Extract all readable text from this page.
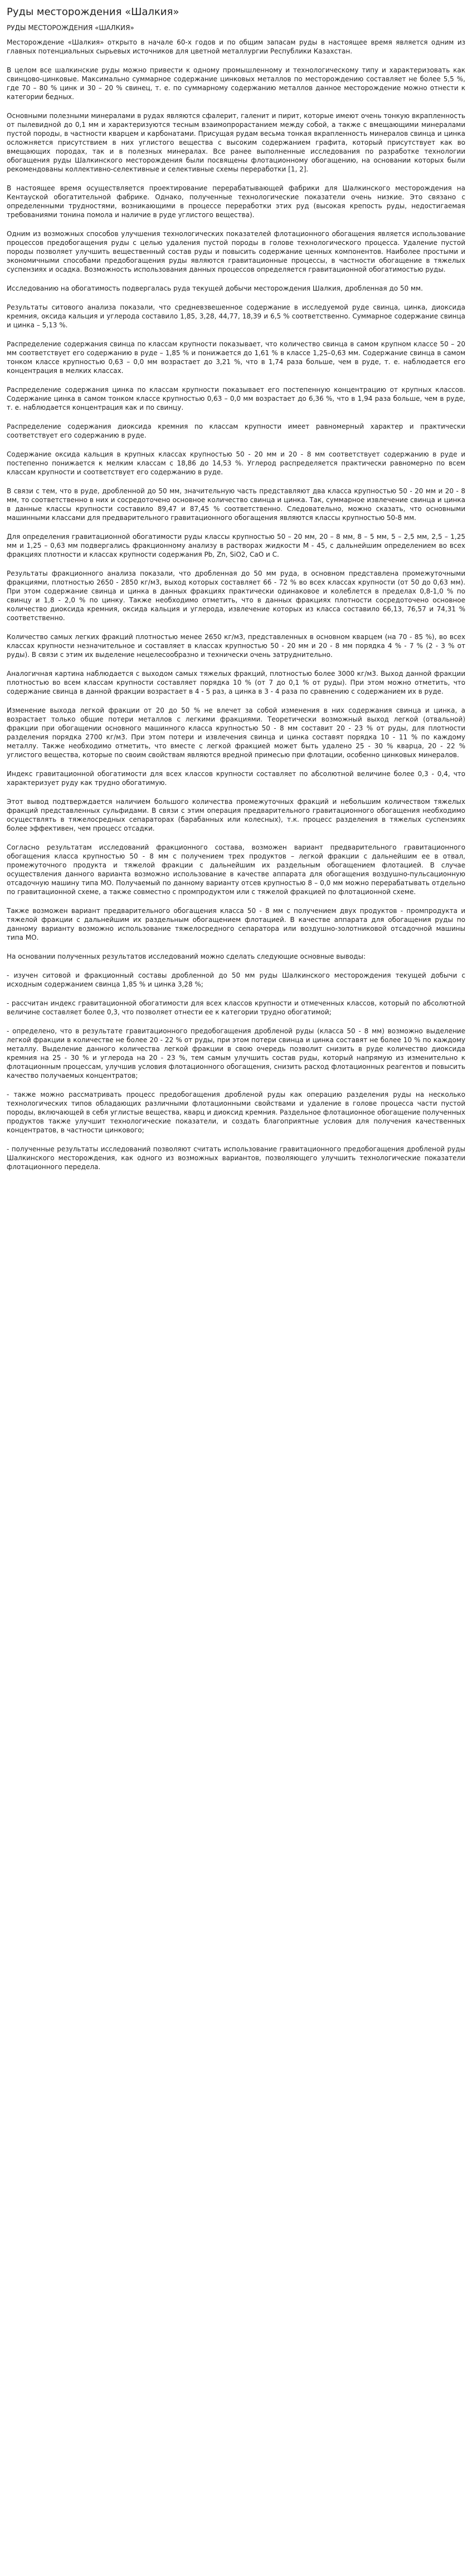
Руды месторождения «Шалкия»
РУДЫ МЕСТОРОЖДЕНИЯ «ШАЛКИЯ»

Месторождение «Шалкия» открыто в начале 60-х годов и по общим запасам руды в настоящее время является одним из главных потенциальных сырьевых источников для цветной металлургии Республики Казахстан.

В целом все шалкинские руды можно привести к одному промышленному и технологическому типу и характеризовать как свинцово-цинковые. Максимально суммарное содержание цинковых металлов по месторождению составляет не более 5,5 %, где 70 – 80 % цинк и 30 – 20 % свинец, т. е. по суммарному содержанию металлов данное месторождение можно отнести к категории бедных.

Основными полезными минералами в рудах являются сфалерит, галенит и пирит, которые имеют очень тонкую вкрапленность от пылевидной до 0,1 мм и характеризуются тесным взаимопрорастанием между собой, а также с вмещающими минералами пустой породы, в частности кварцем и карбонатами. Присущая рудам весьма тонкая вкрапленность минералов свинца и цинка осложняется присутствием в них углистого вещества с высоким содержанием графита, который присутствует как во вмещающих породах, так и в полезных минералах. Все ранее выполненные исследования по разработке технологии обогащения руды Шалкинского месторождения были посвящены флотационному обогащению, на основании которых были рекомендованы коллективно-селективные и селективные схемы переработки [1, 2].

В настоящее время осуществляется проектирование перерабатывающей фабрики для Шалкинского месторождения на Кентауской обогатительной фабрике. Однако, полученные технологические показатели очень низкие. Это связано с определенными трудностями, возникающими в процессе переработки этих руд (высокая крепость руды, недостигаемая требованиями тонина помола и наличие в руде углистого вещества).

Одним из возможных способов улучшения технологических показателей флотационного обогащения является использование процессов предобогащения руды с целью удаления пустой породы в голове технологического процесса. Удаление пустой породы позволяет улучшить вещественный состав руды и повысить содержание ценных компонентов. Наиболее простыми и экономичными способами предобогащения руды являются гравитационные процессы, в частности обогащение в тяжелых суспензиях и осадка. Возможность использования данных процессов определяется гравитационной обогатимостью руды.

Исследованию на обогатимость подвергалась руда текущей добычи месторождения Шалкия, дробленная до 50 мм.

Результаты ситового анализа показали, что средневзвешенное содержание в исследуемой руде свинца, цинка, диоксида кремния, оксида кальция и углерода составило 1,85, 3,28, 44,77, 18,39 и 6,5 % соответственно. Суммарное содержание свинца и цинка – 5,13 %.

Распределение содержания свинца по классам крупности показывает, что количество свинца в самом крупном классе 50 – 20 мм соответствует его содержанию в руде – 1,85 % и понижается до 1,61 % в классе 1,25–0,63 мм. Содержание свинца в самом тонком классе крупностью 0,63 – 0,0 мм возрастает до 3,21 %, что в 1,74 раза больше, чем в руде, т. е. наблюдается его концентрация в мелких классах.

Распределение содержания цинка по классам крупности показывает его постепенную концентрацию от крупных классов. Содержание цинка в самом тонком классе крупностью 0,63 – 0,0 мм возрастает до 6,36 %, что в 1,94 раза больше, чем в руде, т. е. наблюдается концентрация как и по свинцу.

Распределение содержания диоксида кремния по классам крупности имеет равномерный характер и практически соответствует его содержанию в руде.

Содержание оксида кальция в крупных классах крупностью 50 - 20 мм и 20 - 8 мм соответствует содержанию в руде и постепенно понижается к мелким классам с 18,86 до 14,53 %. Углерод распределяется практически равномерно по всем классам крупности и соответствует его содержанию в руде.

В связи с тем, что в руде, дробленной до 50 мм, значительную часть представляют два класса крупностью 50 - 20 мм и 20 - 8 мм, то соответственно в них и сосредоточено основное количество свинца и цинка. Так, суммарное извлечение свинца и цинка в данные классы крупности составило 89,47 и 87,45 % соответственно. Следовательно, можно сказать, что основными машинными классами для предварительного гравитационного обогащения являются классы крупностью 50-8 мм.

Для определения гравитационной обогатимости руды классы крупностью 50 – 20 мм, 20 – 8 мм, 8 – 5 мм, 5 – 2,5 мм, 2,5 – 1,25 мм и 1,25 – 0,63 мм подвергались фракционному анализу в растворах жидкости М - 45, с дальнейшим определением во всех фракциях плотности и классах крупности содержания Pb, Zn, SiO2, CaO и C.

Результаты фракционного анализа показали, что дробленная до 50 мм руда, в основном представлена промежуточными фракциями, плотностью 2650 - 2850 кг/м3, выход которых составляет 66 - 72 % во всех классах крупности (от 50 до 0,63 мм). При этом содержание свинца и цинка в данных фракциях практически одинаковое и колеблется в пределах 0,8-1,0 % по свинцу и 1,8 - 2,0 % по цинку. Также необходимо отметить, что в данных фракциях плотности сосредоточено основное количество диоксида кремния, оксида кальция и углерода, извлечение которых из класса составило 66,13, 76,57 и 74,31 % соответственно.

Количество самых легких фракций плотностью менее 2650 кг/м3, представленных в основном кварцем (на 70 - 85 %), во всех классах крупности незначительное и составляет в классах крупностью 50 - 20 мм и 20 - 8 мм порядка 4 % - 7 % (2 - 3 % от руды). В связи с этим их выделение нецелесообразно и технически очень затруднительно.

Аналогичная картина наблюдается с выходом самых тяжелых фракций, плотностью более 3000 кг/м3. Выход данной фракции плотностью во всем классам крупности составляет порядка 10 % (от 7 до 0,1 % от руды). При этом можно отметить, что содержание свинца в данной фракции возрастает в 4 - 5 раз, а цинка в 3 - 4 раза по сравнению с содержанием их в руде.

Изменение выхода легкой фракции от 20 до 50 % не влечет за собой изменения в них содержания свинца и цинка, а возрастает только общие потери металлов с легкими фракциями. Теоретически возможный выход легкой (отвальной) фракции при обогащении основного машинного класса крупностью 50 - 8 мм составит 20 - 23 % от руды, для плотности разделения порядка 2700 кг/м3. При этом потери и извлечения свинца и цинка составят порядка 10 - 11 % по каждому металлу. Также необходимо отметить, что вместе с легкой фракцией может быть удалено 25 - 30 % кварца, 20 - 22 % углистого вещества, которые по своим свойствам являются вредной примесью при флотации, особенно цинковых минералов.

Индекс гравитационной обогатимости для всех классов крупности составляет по абсолютной величине более 0,3 - 0,4, что характеризует руду как трудно обогатимую.

Этот вывод подтверждается наличием большого количества промежуточных фракций и небольшим количеством тяжелых фракций представленных сульфидами. В связи с этим операция предварительного гравитационного обогащения необходимо осуществлять в тяжелосредных сепараторах (барабанных или колесных), т.к. процесс разделения в тяжелых суспензиях более эффективен, чем процесс отсадки.

Согласно результатам исследований фракционного состава, возможен вариант предварительного гравитационного обогащения класса крупностью 50 - 8 мм с получением трех продуктов – легкой фракции с дальнейшим ее в отвал, промежуточного продукта и тяжелой фракции с дальнейшим их раздельным обогащением флотацией. В случае осуществления данного варианта возможно использование в качестве аппарата для обогащения воздушно-пульсационную отсадочную машину типа МО. Получаемый по данному варианту отсев крупностью 8 – 0,0 мм можно перерабатывать отдельно по гравитационной схеме, а также совместно с промпродуктом или с тяжелой фракцией по флотационной схеме.

Также возможен вариант предварительного обогащения класса 50 - 8 мм с получением двух продуктов - промпродукта и тяжелой фракции с дальнейшим их раздельным обогащением флотацией. В качестве аппарата для обогащения руды по данному варианту возможно использование тяжелосредного сепаратора или воздушно-золотниковой отсадочной машины типа МО.

На основании полученных результатов исследований можно сделать следующие основные выводы:

- изучен ситовой и фракционный составы дробленной до 50 мм руды Шалкинского месторождения текущей добычи с исходным содержанием свинца 1,85 % и цинка 3,28 %;

- рассчитан индекс гравитационной обогатимости для всех классов крупности и отмеченных классов, который по абсолютной величине составляет более 0,3, что позволяет отнести ее к категории трудно обогатимой;

- определено, что в результате гравитационного предобогащения дробленой руды (класса 50 - 8 мм) возможно выделение легкой фракции в количестве не более 20 - 22 % от руды, при этом потери свинца и цинка составят не более 10 % по каждому металлу. Выделение данного количества легкой фракции в свою очередь позволит снизить в руде количество диоксида кремния на 25 - 30 % и углерода на 20 - 23 %, тем самым улучшить состав руды, который напрямую из изменительно к флотационным процессам, улучшив условия флотационного обогащения, снизить расход флотационных реагентов и повысить качество получаемых концентратов;

- также можно рассматривать процесс предобогащения дробленой руды как операцию разделения руды на несколько технологических типов обладающих различными флотационными свойствами и удаление в голове процесса части пустой породы, включающей в себя углистые вещества, кварц и диоксид кремния. Раздельное флотационное обогащение полученных продуктов также улучшит технологические показатели, и создать благоприятные условия для получения качественных концентратов, в частности цинкового;

- полученные результаты исследований позволяют считать использование гравитационного предобогащения дробленой руды Шалкинского месторождения, как одного из возможных вариантов, позволяющего улучшить технологические показатели флотационного передела.
